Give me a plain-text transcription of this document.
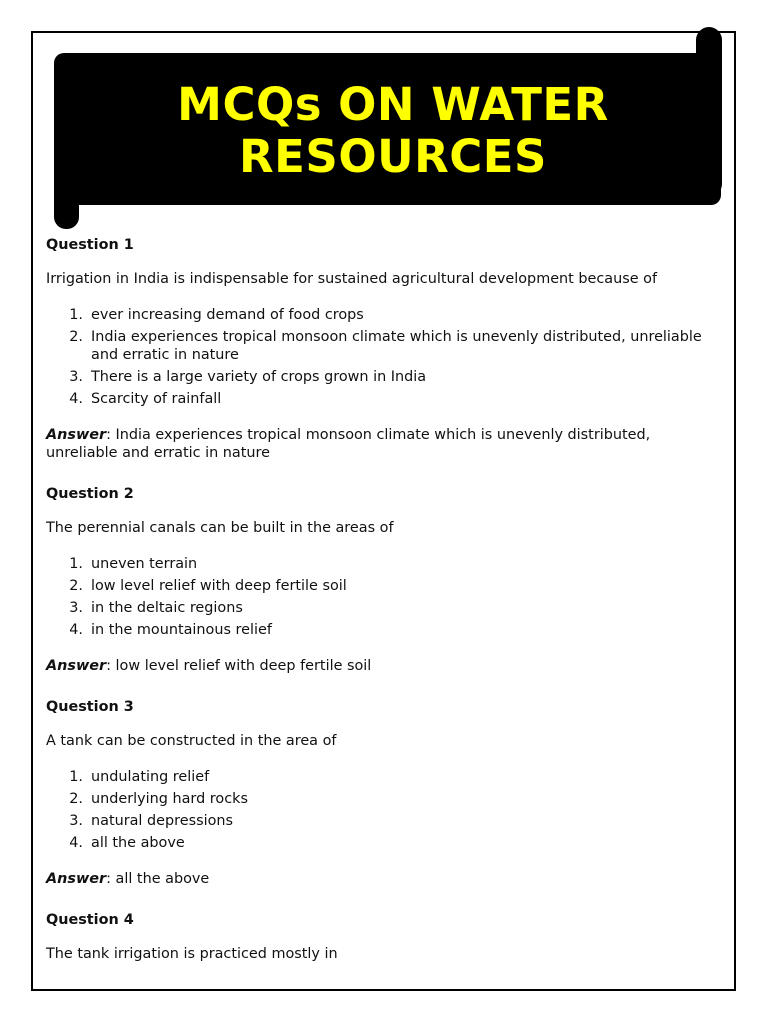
MCQs ON WATER
RESOURCES
Question 1
Irrigation in India is indispensable for sustained agricultural development because of
1. ever increasing demand of food crops
2. India experiences tropical monsoon climate which is unevenly distributed, unreliable and erratic in nature
3. There is a large variety of crops grown in India
4. Scarcity of rainfall
Answer: India experiences tropical monsoon climate which is unevenly distributed, unreliable and erratic in nature
Question 2
The perennial canals can be built in the areas of
1. uneven terrain
2. low level relief with deep fertile soil
3. in the deltaic regions
4. in the mountainous relief
Answer: low level relief with deep fertile soil
Question 3
A tank can be constructed in the area of
1. undulating relief
2. underlying hard rocks
3. natural depressions
4. all the above
Answer: all the above
Question 4
The tank irrigation is practiced mostly in
